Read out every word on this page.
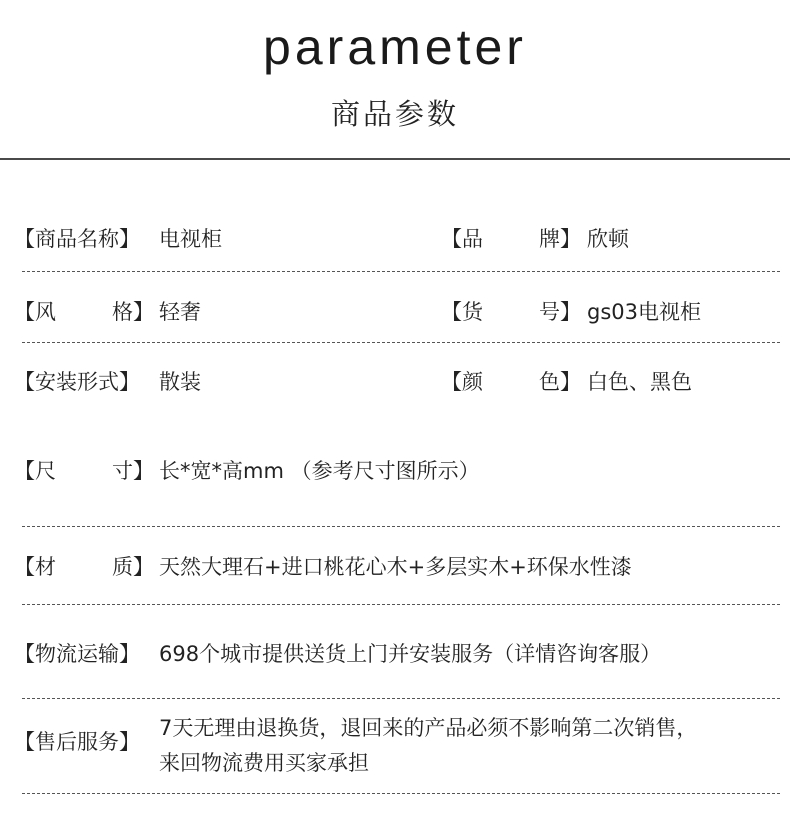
parameter
商品参数
【商品名称】 电视柜	【品	牌】 欣顿
【风	格】 轻奢	【货	号】 gs03电视柜
【安装形式】 散装	【颜	色】 白色、黑色
【尺	寸】 长*宽*高mm （参考尺寸图所示）
【材	质】 天然大理石+进口桃花心木+多层实木+环保水性漆
【物流运输】 698个城市提供送货上门并安装服务（详情咨询客服）
【售后服务】
7天无理由退换货，退回来的产品必须不影响第二次销售，
来回物流费用买家承担
